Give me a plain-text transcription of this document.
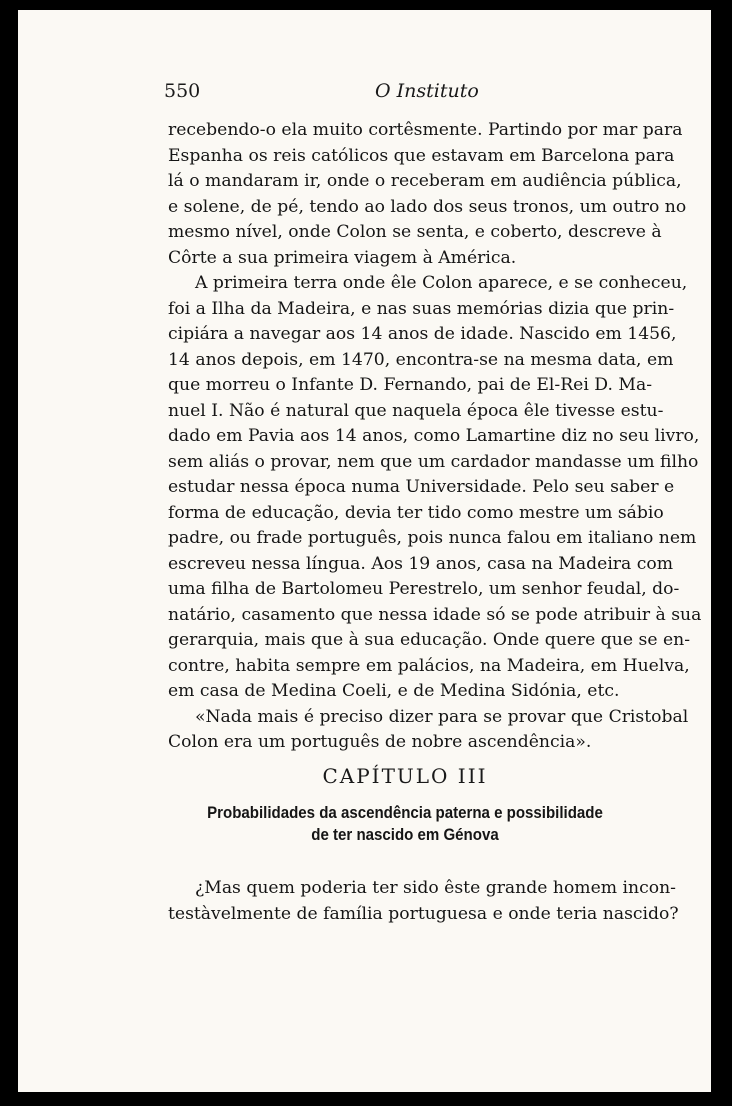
550	O Instituto
recebendo-o ela muito cortêsmente. Partindo por mar para
Espanha os reis católicos que estavam em Barcelona para
lá o mandaram ir, onde o receberam em audiência pública,
e solene, de pé, tendo ao lado dos seus tronos, um outro no
mesmo nível, onde Colon se senta, e coberto, descreve à
Côrte a sua primeira viagem à América.
A primeira terra onde êle Colon aparece, e se conheceu,
foi a Ilha da Madeira, e nas suas memórias dizia que prin-
cipiára a navegar aos 14 anos de idade. Nascido em 1456,
14 anos depois, em 1470, encontra-se na mesma data, em
que morreu o Infante D. Fernando, pai de El-Rei D. Ma-
nuel I. Não é natural que naquela época êle tivesse estu-
dado em Pavia aos 14 anos, como Lamartine diz no seu livro,
sem aliás o provar, nem que um cardador mandasse um filho
estudar nessa época numa Universidade. Pelo seu saber e
forma de educação, devia ter tido como mestre um sábio
padre, ou frade português, pois nunca falou em italiano nem
escreveu nessa língua. Aos 19 anos, casa na Madeira com
uma filha de Bartolomeu Perestrelo, um senhor feudal, do-
natário, casamento que nessa idade só se pode atribuir à sua
gerarquia, mais que à sua educação. Onde quere que se en-
contre, habita sempre em palácios, na Madeira, em Huelva,
em casa de Medina Coeli, e de Medina Sidónia, etc.
«Nada mais é preciso dizer para se provar que Cristobal
Colon era um português de nobre ascendência».
CAPÍTULO III
Probabilidades da ascendência paterna e possibilidade
de ter nascido em Génova
¿Mas quem poderia ter sido êste grande homem incon-
testàvelmente de família portuguesa e onde teria nascido?
